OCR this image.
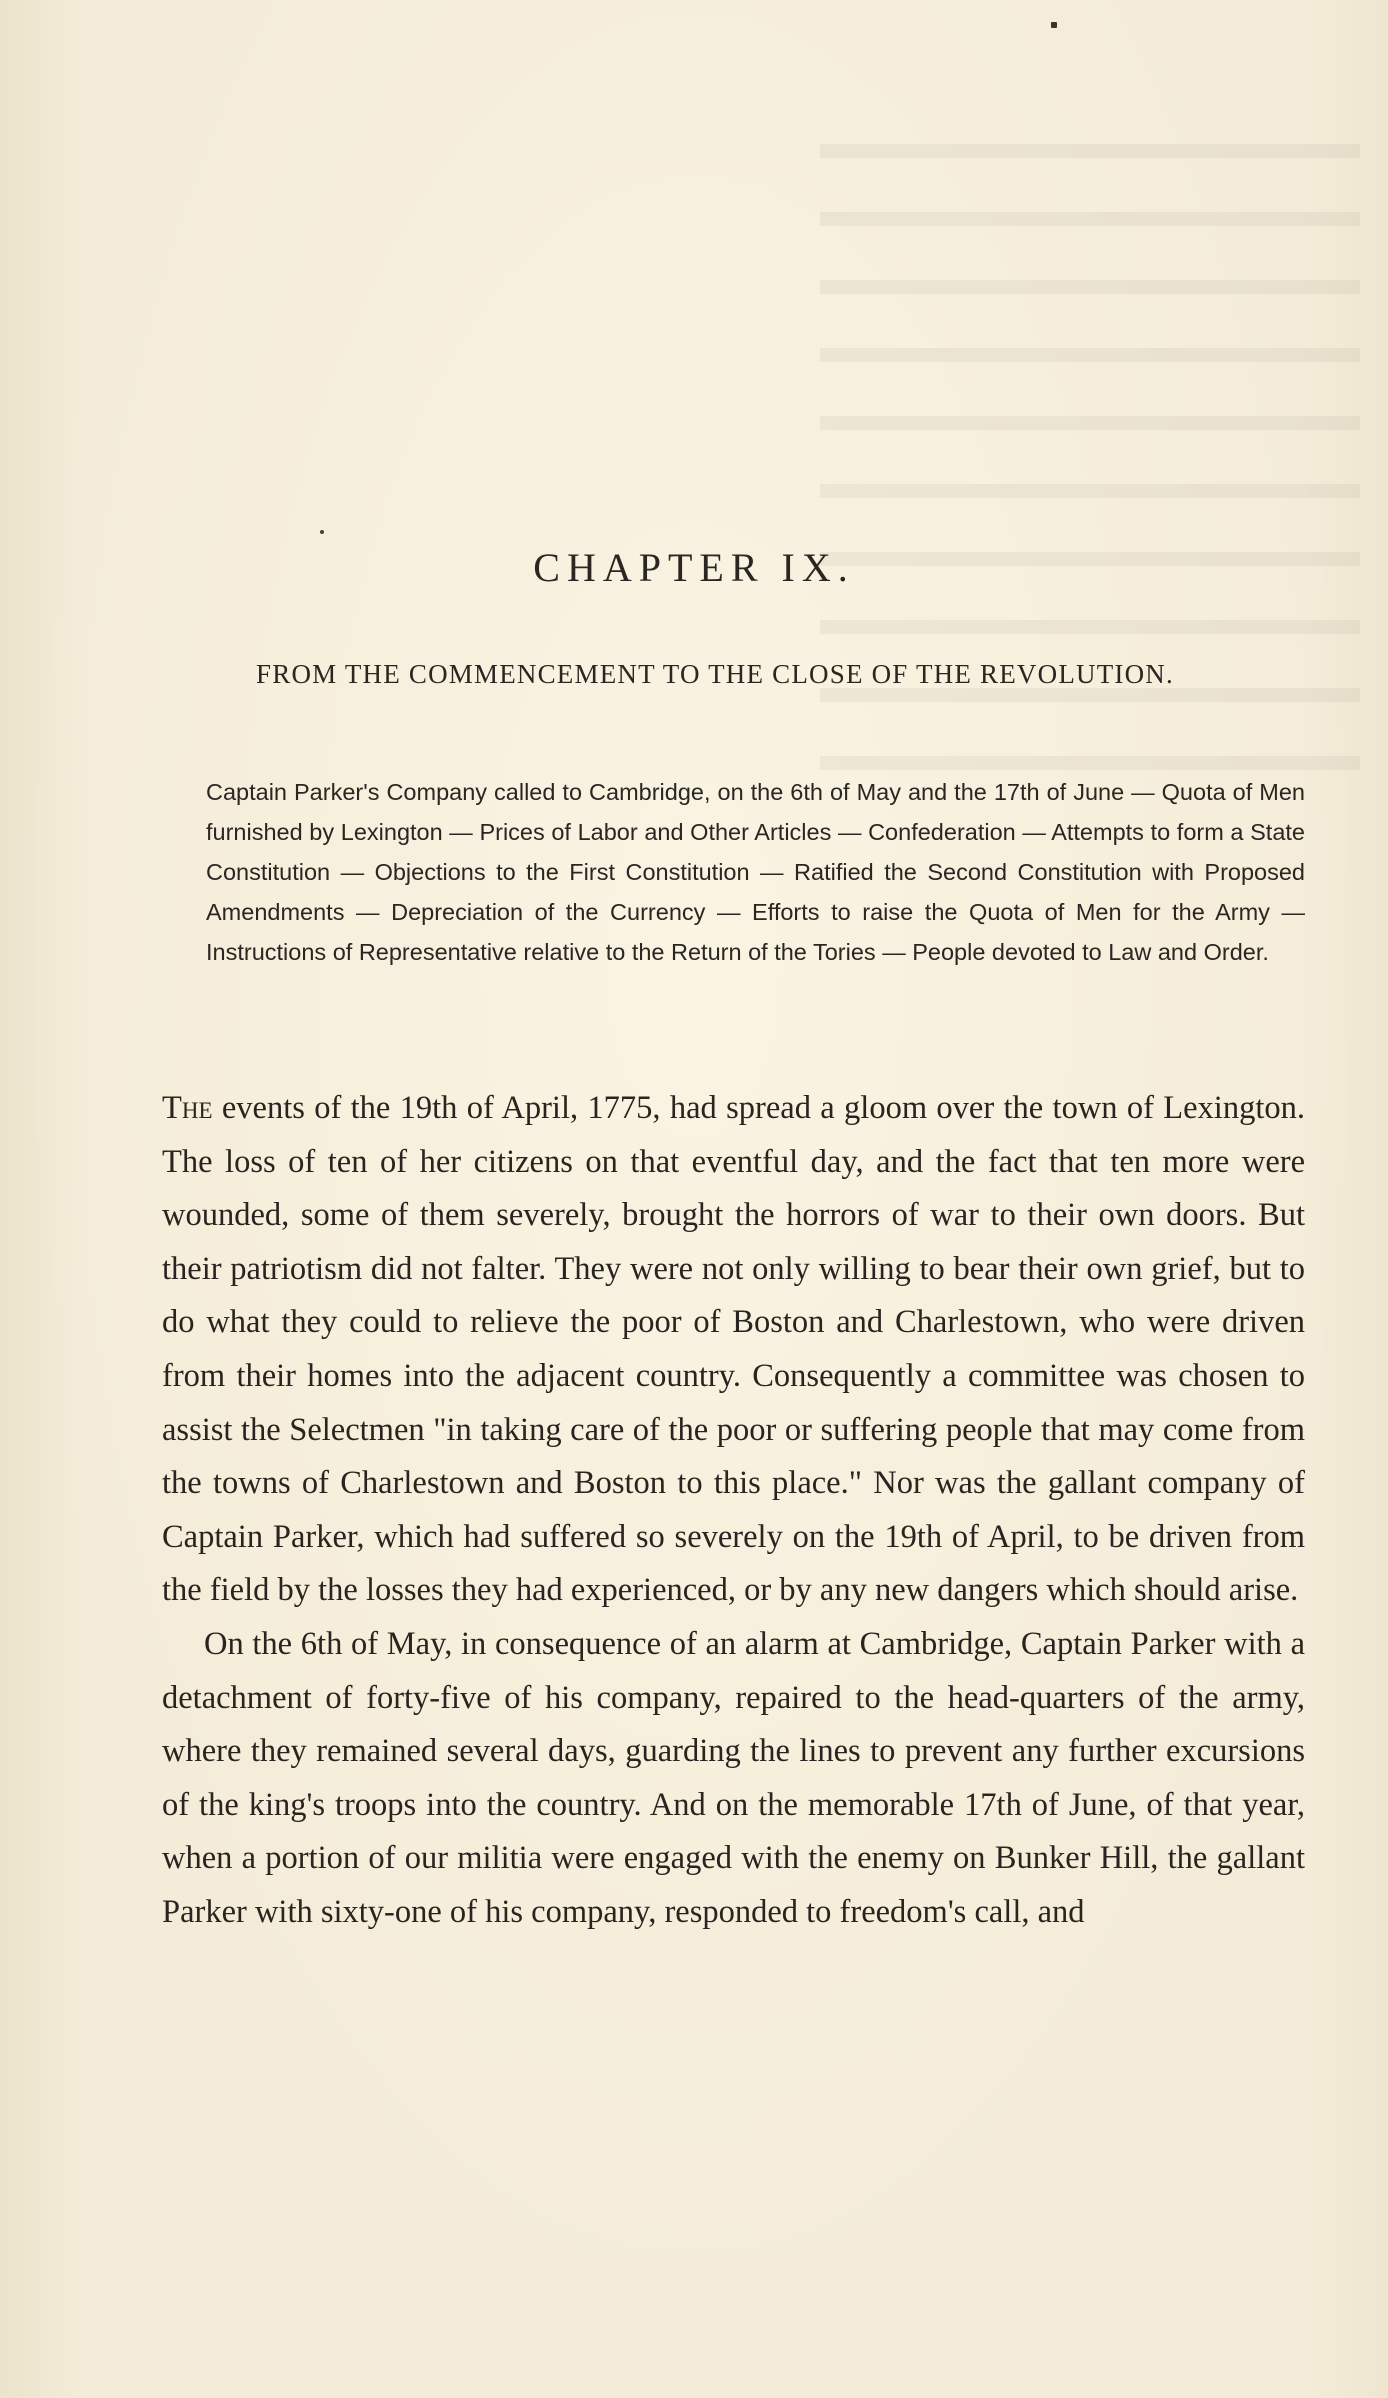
CHAPTER IX.
FROM THE COMMENCEMENT TO THE CLOSE OF THE REVOLUTION.

Captain Parker's Company called to Cambridge, on the 6th of May and the 17th of June — Quota of Men furnished by Lexington — Prices of Labor and Other Articles — Confederation — Attempts to form a State Constitution — Objections to the First Constitution — Ratified the Second Constitution with Proposed Amendments — Depreciation of the Currency — Efforts to raise the Quota of Men for the Army — Instructions of Representative relative to the Return of the Tories — People devoted to Law and Order.

The events of the 19th of April, 1775, had spread a gloom over the town of Lexington. The loss of ten of her citizens on that eventful day, and the fact that ten more were wounded, some of them severely, brought the horrors of war to their own doors. But their patriotism did not falter. They were not only willing to bear their own grief, but to do what they could to relieve the poor of Boston and Charlestown, who were driven from their homes into the adjacent country. Consequently a committee was chosen to assist the Selectmen "in taking care of the poor or suffering people that may come from the towns of Charlestown and Boston to this place." Nor was the gallant company of Captain Parker, which had suffered so severely on the 19th of April, to be driven from the field by the losses they had experienced, or by any new dangers which should arise.

On the 6th of May, in consequence of an alarm at Cambridge, Captain Parker with a detachment of forty-five of his company, repaired to the head-quarters of the army, where they remained several days, guarding the lines to prevent any further excursions of the king's troops into the country. And on the memorable 17th of June, of that year, when a portion of our militia were engaged with the enemy on Bunker Hill, the gallant Parker with sixty-one of his company, responded to freedom's call, and
